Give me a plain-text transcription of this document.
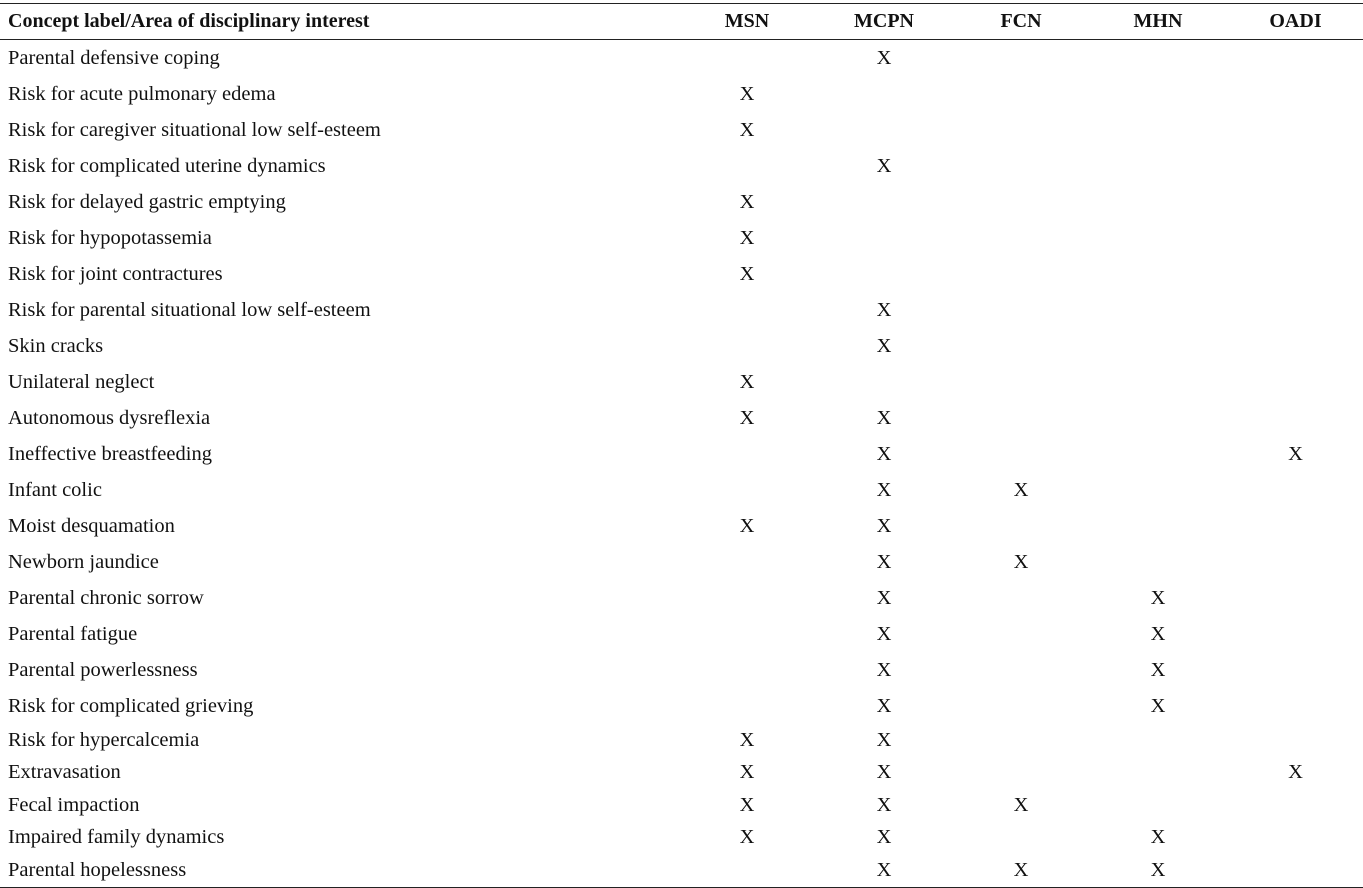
Concept label/Area of disciplinary interest	MSN	MCPN	FCN	MHN	OADI
Parental defensive coping		X			
Risk for acute pulmonary edema	X				
Risk for caregiver situational low self-esteem	X				
Risk for complicated uterine dynamics		X			
Risk for delayed gastric emptying	X				
Risk for hypopotassemia	X				
Risk for joint contractures	X				
Risk for parental situational low self-esteem		X			
Skin cracks		X			
Unilateral neglect	X				
Autonomous dysreflexia	X	X			
Ineffective breastfeeding		X			X
Infant colic		X	X		
Moist desquamation	X	X			
Newborn jaundice		X	X		
Parental chronic sorrow		X		X	
Parental fatigue		X		X	
Parental powerlessness		X		X	
Risk for complicated grieving		X		X	
Risk for hypercalcemia	X	X			
Extravasation	X	X			X
Fecal impaction	X	X	X		
Impaired family dynamics	X	X		X	
Parental hopelessness		X	X	X	
